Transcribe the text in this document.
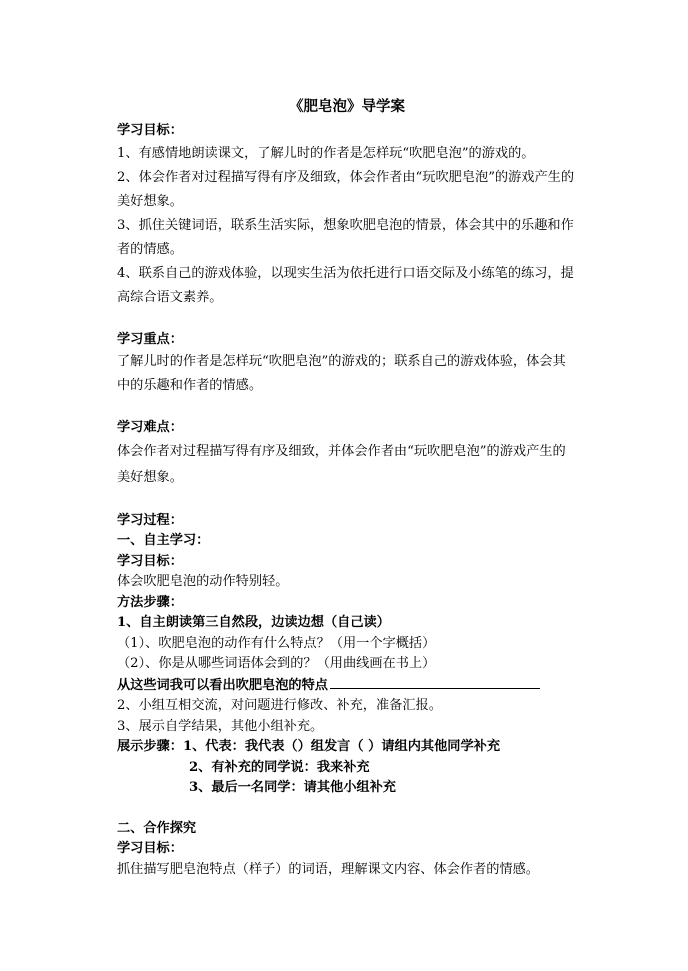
《肥皂泡》导学案

学习目标：

1、有感情地朗读课文，了解儿时的作者是怎样玩“吹肥皂泡”的游戏的。

2、体会作者对过程描写得有序及细致，体会作者由“玩吹肥皂泡”的游戏产生的美好想象。

3、抓住关键词语，联系生活实际，想象吹肥皂泡的情景，体会其中的乐趣和作者的情感。

4、联系自己的游戏体验，以现实生活为依托进行口语交际及小练笔的练习，提高综合语文素养。

学习重点：

了解儿时的作者是怎样玩“吹肥皂泡”的游戏的；联系自己的游戏体验，体会其中的乐趣和作者的情感。

学习难点：

体会作者对过程描写得有序及细致，并体会作者由“玩吹肥皂泡”的游戏产生的美好想象。

学习过程：

一、自主学习：

学习目标：

体会吹肥皂泡的动作特别轻。

方法步骤：

1、自主朗读第三自然段，边读边想（自己读）

（1）、吹肥皂泡的动作有什么特点？（用一个字概括）

（2）、你是从哪些词语体会到的？（用曲线画在书上）

从这些词我可以看出吹肥皂泡的特点

2、小组互相交流，对问题进行修改、补充，准备汇报。

3、展示自学结果，其他小组补充。

展示步骤：1、代表：我代表（）组发言（ ）请组内其他同学补充

2、有补充的同学说：我来补充

3、最后一名同学：请其他小组补充

二、合作探究

学习目标：

抓住描写肥皂泡特点（样子）的词语，理解课文内容、体会作者的情感。
